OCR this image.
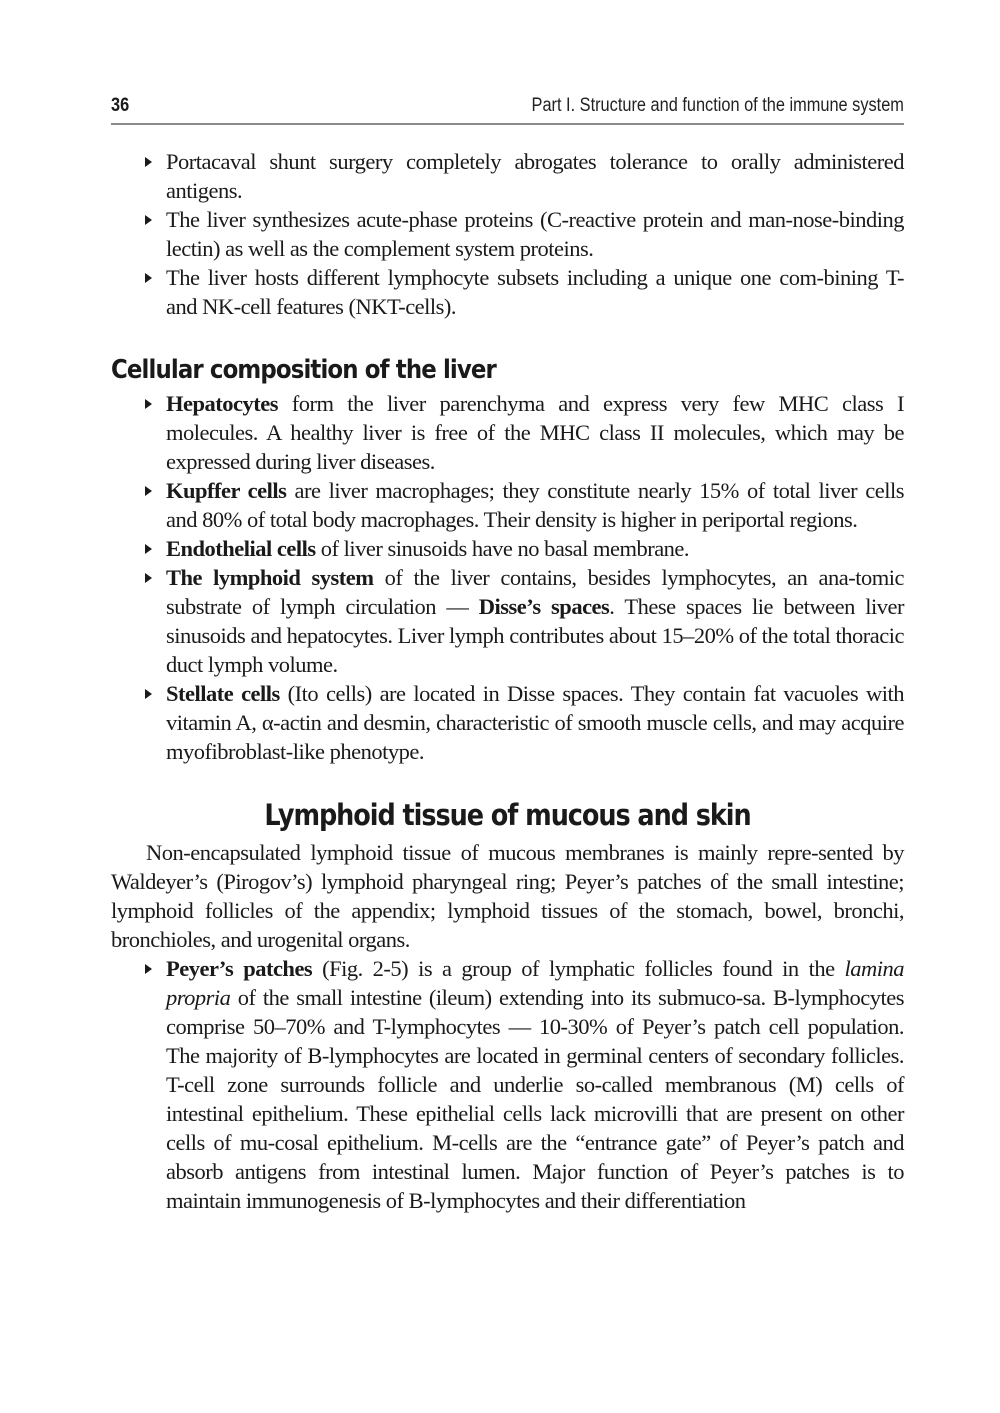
36	Part I. Structure and function of the immune system
Portacaval shunt surgery completely abrogates tolerance to orally administered antigens.
The liver synthesizes acute-phase proteins (C-reactive protein and man-nose-binding lectin) as well as the complement system proteins.
The liver hosts different lymphocyte subsets including a unique one com-bining T- and NK-cell features (NKT-cells).
Cellular composition of the liver
Hepatocytes form the liver parenchyma and express very few MHC class I molecules. A healthy liver is free of the MHC class II molecules, which may be expressed during liver diseases.
Kupffer cells are liver macrophages; they constitute nearly 15% of total liver cells and 80% of total body macrophages. Their density is higher in periportal regions.
Endothelial cells of liver sinusoids have no basal membrane.
The lymphoid system of the liver contains, besides lymphocytes, an ana-tomic substrate of lymph circulation — Disse’s spaces. These spaces lie between liver sinusoids and hepatocytes. Liver lymph contributes about 15–20% of the total thoracic duct lymph volume.
Stellate cells (Ito cells) are located in Disse spaces. They contain fat vacuoles with vitamin A, α-actin and desmin, characteristic of smooth muscle cells, and may acquire myofibroblast-like phenotype.
Lymphoid tissue of mucous and skin

Non-encapsulated lymphoid tissue of mucous membranes is mainly repre-sented by Waldeyer’s (Pirogov’s) lymphoid pharyngeal ring; Peyer’s patches of the small intestine; lymphoid follicles of the appendix; lymphoid tissues of the stomach, bowel, bronchi, bronchioles, and urogenital organs.

Peyer’s patches (Fig. 2-5) is a group of lymphatic follicles found in the lamina propria of the small intestine (ileum) extending into its submuco-sa. B-lymphocytes comprise 50–70% and T-lymphocytes — 10-30% of Peyer’s patch cell population. The majority of B-lymphocytes are located in germinal centers of secondary follicles. T-cell zone surrounds follicle and underlie so-called membranous (M) cells of intestinal epithelium. These epithelial cells lack microvilli that are present on other cells of mu-cosal epithelium. M-cells are the “entrance gate” of Peyer’s patch and absorb antigens from intestinal lumen. Major function of Peyer’s patches is to maintain immunogenesis of B-lymphocytes and their differentiation
